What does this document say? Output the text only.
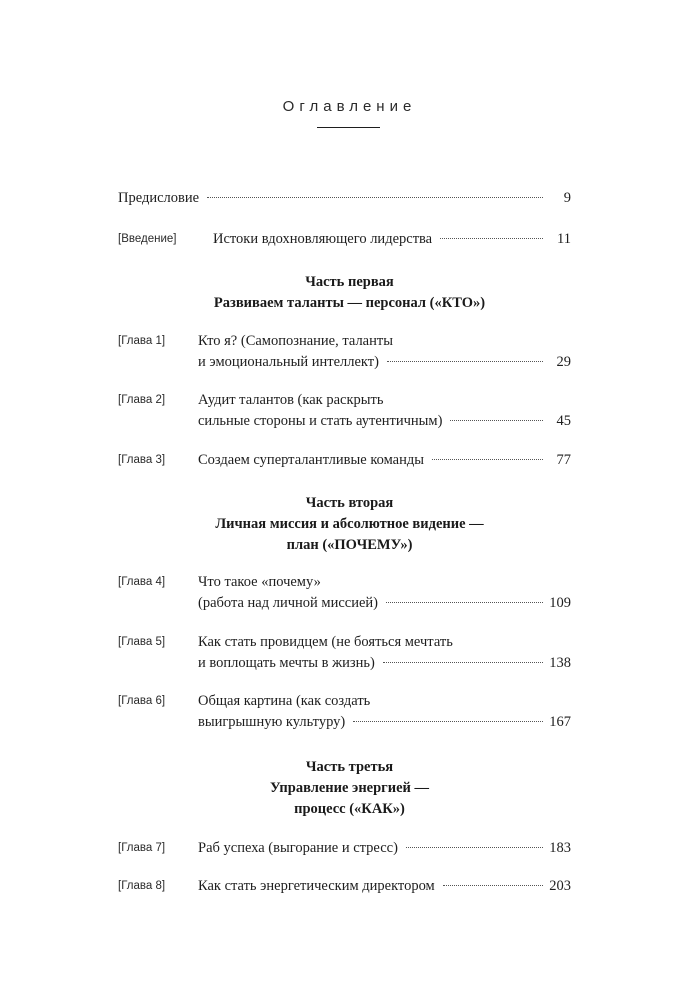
Оглавление
Предисловие	9
[Введение]	Истоки вдохновляющего лидерства	11
Часть первая
Развиваем таланты — персонал («КТО»)
[Глава 1] Кто я? (Самопознание, таланты
и эмоциональный интеллект)	29
[Глава 2] Аудит талантов (как раскрыть
сильные стороны и стать аутентичным)	45
[Глава 3] Создаем суперталантливые команды	77
Часть вторая
Личная миссия и абсолютное видение —
план («ПОЧЕМУ»)
[Глава 4] Что такое «почему»
(работа над личной миссией)	109
[Глава 5] Как стать провидцем (не бояться мечтать
и воплощать мечты в жизнь)	138
[Глава 6] Общая картина (как создать
выигрышную культуру)	167
Часть третья
Управление энергией —
процесс («КАК»)
[Глава 7] Раб успеха (выгорание и стресс)	183
[Глава 8] Как стать энергетическим директором	203
